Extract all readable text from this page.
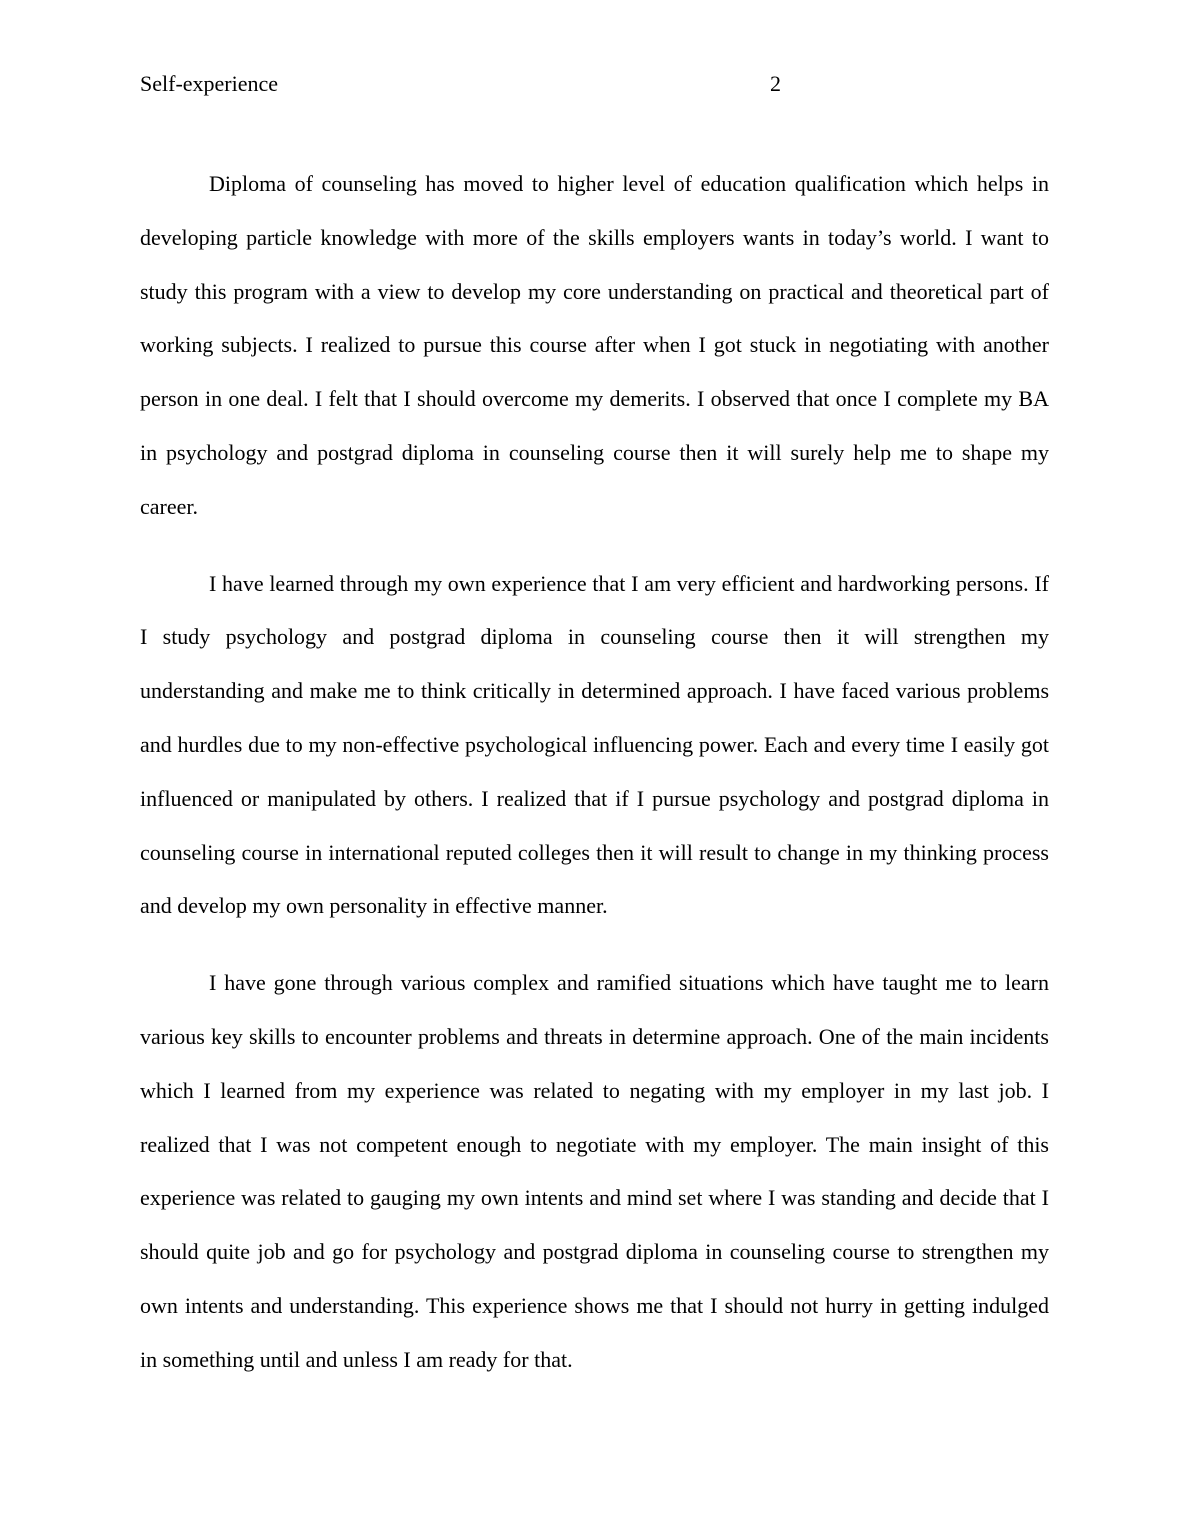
Self-experience	2

Diploma of counseling has moved to higher level of education qualification which helps in developing particle knowledge with more of the skills employers wants in today’s world. I want to study this program with a view to develop my core understanding on practical and theoretical part of working subjects. I realized to pursue this course after when I got stuck in negotiating with another person in one deal. I felt that I should overcome my demerits. I observed that once I complete my BA in psychology and postgrad diploma in counseling course then it will surely help me to shape my career.

I have learned through my own experience that I am very efficient and hardworking persons. If I study psychology and postgrad diploma in counseling course then it will strengthen my understanding and make me to think critically in determined approach. I have faced various problems and hurdles due to my non-effective psychological influencing power. Each and every time I easily got influenced or manipulated by others. I realized that if I pursue psychology and postgrad diploma in counseling course in international reputed colleges then it will result to change in my thinking process and develop my own personality in effective manner.

I have gone through various complex and ramified situations which have taught me to learn various key skills to encounter problems and threats in determine approach. One of the main incidents which I learned from my experience was related to negating with my employer in my last job. I realized that I was not competent enough to negotiate with my employer. The main insight of this experience was related to gauging my own intents and mind set where I was standing and decide that I should quite job and go for psychology and postgrad diploma in counseling course to strengthen my own intents and understanding. This experience shows me that I should not hurry in getting indulged in something until and unless I am ready for that.
